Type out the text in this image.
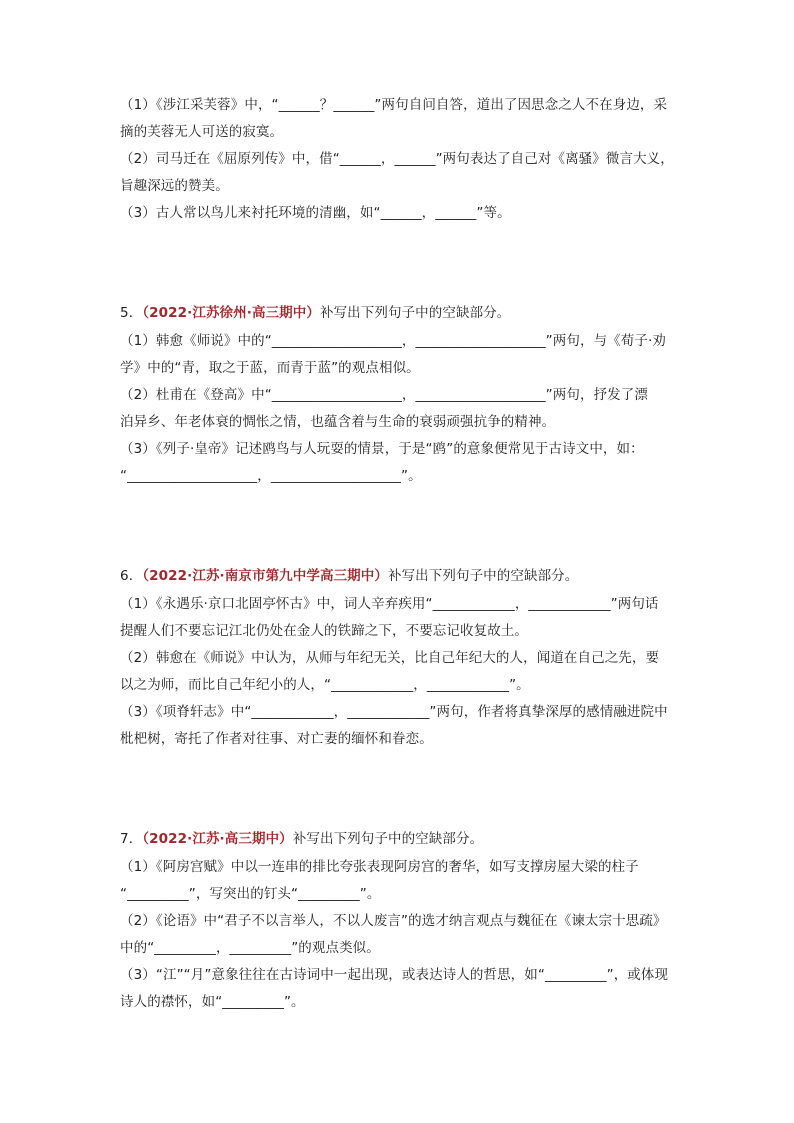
（1）《涉江采芙蓉》中，“______？______”两句自问自答，道出了因思念之人不在身边，采
摘的芙蓉无人可送的寂寞。
（2）司马迁在《屈原列传》中，借“______，______”两句表达了自己对《离骚》微言大义，
旨趣深远的赞美。
（3）古人常以鸟儿来衬托环境的清幽，如“______，______”等。
5．（2022·江苏徐州·高三期中）补写出下列句子中的空缺部分。
（1）韩愈《师说》中的“___________________，___________________”两句，与《荀子·劝
学》中的“青，取之于蓝，而青于蓝”的观点相似。
（2）杜甫在《登高》中“___________________，___________________”两句，抒发了漂
泊异乡、年老体衰的惆怅之情，也蕴含着与生命的衰弱顽强抗争的精神。
（3）《列子·皇帝》记述鸥鸟与人玩耍的情景，于是“鸥”的意象便常见于古诗文中，如：
“___________________，___________________”。
6．（2022·江苏·南京市第九中学高三期中）补写出下列句子中的空缺部分。
（1）《永遇乐·京口北固亭怀古》中，词人辛弃疾用“____________，____________”两句话
提醒人们不要忘记江北仍处在金人的铁蹄之下，不要忘记收复故土。
（2）韩愈在《师说》中认为，从师与年纪无关，比自己年纪大的人，闻道在自己之先，要
以之为师，而比自己年纪小的人，“____________，____________”。
（3）《项脊轩志》中“____________，____________”两句，作者将真挚深厚的感情融进院中
枇杷树，寄托了作者对往事、对亡妻的缅怀和眷恋。
7．（2022·江苏·高三期中）补写出下列句子中的空缺部分。
（1）《阿房宫赋》中以一连串的排比夸张表现阿房宫的奢华，如写支撑房屋大梁的柱子
“_________”，写突出的钉头“_________”。
（2）《论语》中“君子不以言举人，不以人废言”的选才纳言观点与魏征在《谏太宗十思疏》
中的“_________，_________”的观点类似。
（3）“江”“月”意象往往在古诗词中一起出现，或表达诗人的哲思，如“_________”，或体现
诗人的襟怀，如“_________”。
